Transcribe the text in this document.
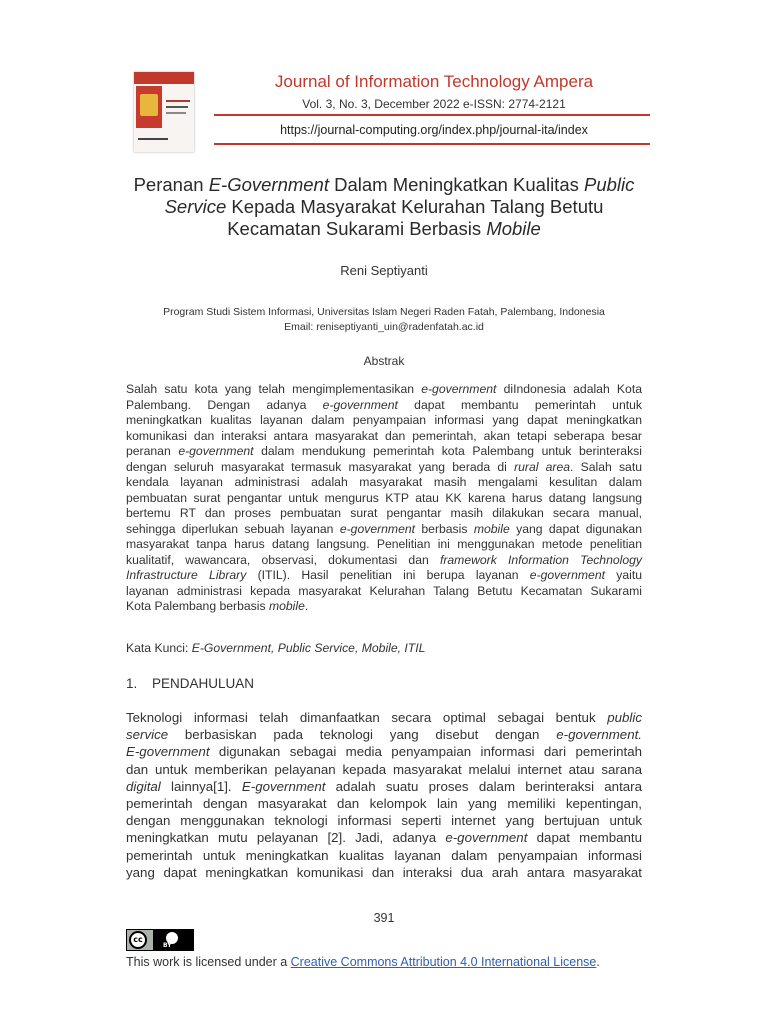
Journal of Information Technology Ampera
Vol. 3, No. 3, December 2022 e-ISSN: 2774-2121
https://journal-computing.org/index.php/journal-ita/index
Peranan E-Government Dalam Meningkatkan Kualitas Public
Service Kepada Masyarakat Kelurahan Talang Betutu
Kecamatan Sukarami Berbasis Mobile
Reni Septiyanti
Program Studi Sistem Informasi, Universitas Islam Negeri Raden Fatah, Palembang, Indonesia
Email: reniseptiyanti_uin@radenfatah.ac.id
Abstrak
Salah satu kota yang telah mengimplementasikan e-government diIndonesia adalah Kota
Palembang. Dengan adanya e-government dapat membantu pemerintah untuk
meningkatkan kualitas layanan dalam penyampaian informasi yang dapat meningkatkan
komunikasi dan interaksi antara masyarakat dan pemerintah, akan tetapi seberapa besar
peranan e-government dalam mendukung pemerintah kota Palembang untuk berinteraksi
dengan seluruh masyarakat termasuk masyarakat yang berada di rural area. Salah satu
kendala layanan administrasi adalah masyarakat masih mengalami kesulitan dalam
pembuatan surat pengantar untuk mengurus KTP atau KK karena harus datang langsung
bertemu RT dan proses pembuatan surat pengantar masih dilakukan secara manual,
sehingga diperlukan sebuah layanan e-government berbasis mobile yang dapat digunakan
masyarakat tanpa harus datang langsung. Penelitian ini menggunakan metode penelitian
kualitatif, wawancara, observasi, dokumentasi dan framework Information Technology
Infrastructure Library (ITIL). Hasil penelitian ini berupa layanan e-government yaitu
layanan administrasi kepada masyarakat Kelurahan Talang Betutu Kecamatan Sukarami
Kota Palembang berbasis mobile.
Kata Kunci: E-Government, Public Service, Mobile, ITIL
1. PENDAHULUAN
Teknologi informasi telah dimanfaatkan secara optimal sebagai bentuk public
service berbasiskan pada teknologi yang disebut dengan e-government.
E-government digunakan sebagai media penyampaian informasi dari pemerintah
dan untuk memberikan pelayanan kepada masyarakat melalui internet atau sarana
digital lainnya[1]. E-government adalah suatu proses dalam berinteraksi antara
pemerintah dengan masyarakat dan kelompok lain yang memiliki kepentingan,
dengan menggunakan teknologi informasi seperti internet yang bertujuan untuk
meningkatkan mutu pelayanan [2]. Jadi, adanya e-government dapat membantu
pemerintah untuk meningkatkan kualitas layanan dalam penyampaian informasi
yang dapat meningkatkan komunikasi dan interaksi dua arah antara masyarakat
391
cc
BY
This work is licensed under a Creative Commons Attribution 4.0 International License.
